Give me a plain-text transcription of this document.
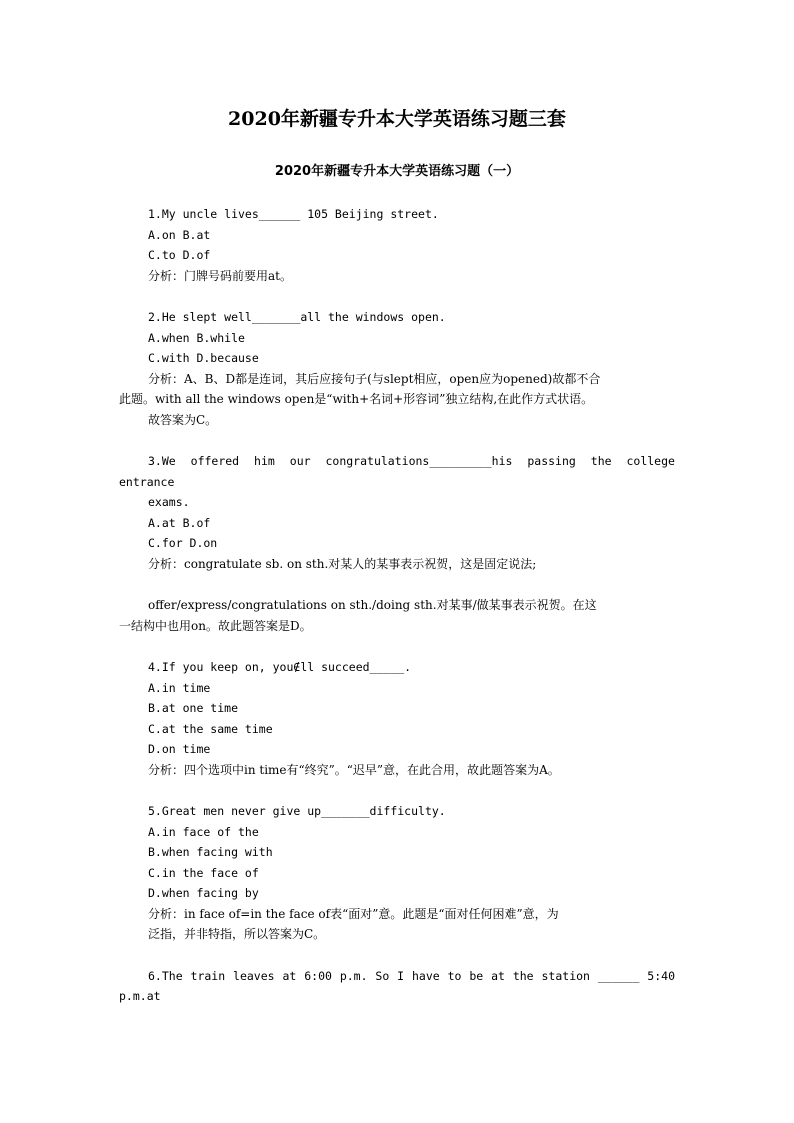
2020年新疆专升本大学英语练习题三套
2020年新疆专升本大学英语练习题（一）
1.My uncle lives______ 105 Beijing street.
A.on B.at
C.to D.of
分析：门牌号码前要用at。
2.He slept well_______all the windows open.
A.when B.while
C.with D.because
分析：A、B、D都是连词，其后应接句子(与slept相应，open应为opened)故都不合
此题。with all the windows open是“with+名词+形容词”独立结构,在此作方式状语。
故答案为C。
3.We offered him our congratulations_________his passing the college
entrance
exams.
A.at B.of
C.for D.on
分析：congratulate sb. on sth.对某人的某事表示祝贺，这是固定说法;
offer/express/congratulations on sth./doing sth.对某事/做某事表示祝贺。在这
一结构中也用on。故此题答案是D。
4.If you keep on, you∉ll succeed_____.
A.in time
B.at one time
C.at the same time
D.on time
分析：四个选项中in time有“终究”。“迟早”意，在此合用，故此题答案为A。
5.Great men never give up_______difficulty.
A.in face of the
B.when facing with
C.in the face of
D.when facing by
分析：in face of=in the face of表“面对”意。此题是“面对任何困难”意，为
泛指，并非特指，所以答案为C。
6.The train leaves at 6:00 p.m. So I have to be at the station ______ 5:40
p.m.at
